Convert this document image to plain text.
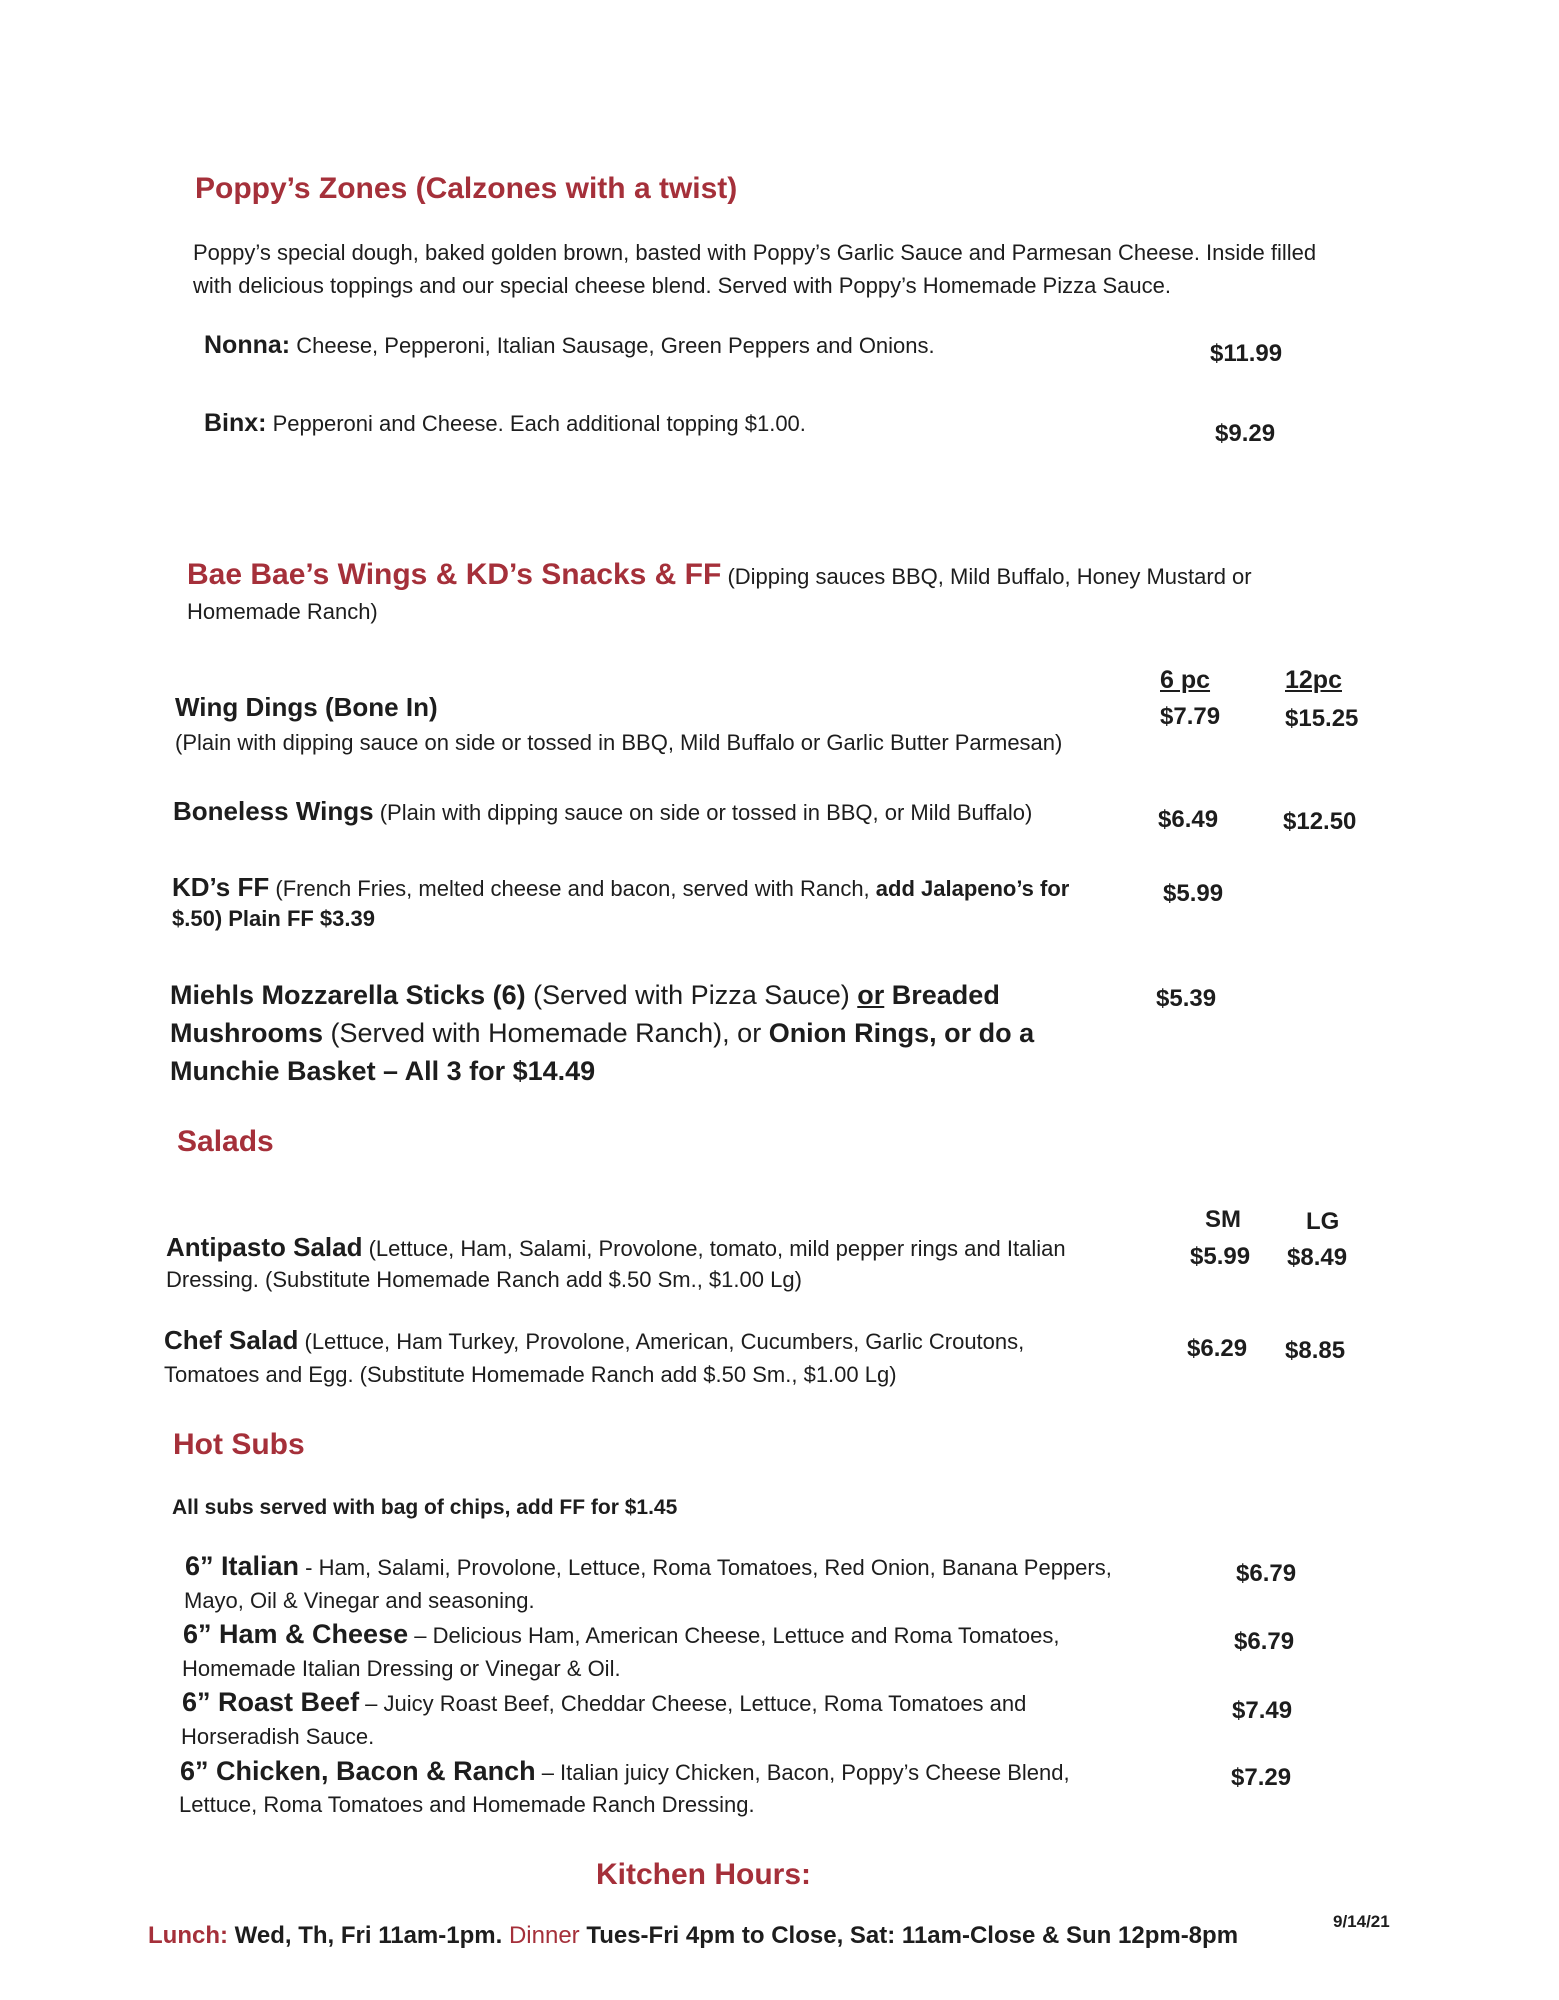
Poppy’s Zones (Calzones with a twist)
Poppy’s special dough, baked golden brown, basted with Poppy’s Garlic Sauce and Parmesan Cheese. Inside filled
with delicious toppings and our special cheese blend. Served with Poppy’s Homemade Pizza Sauce.
Nonna: Cheese, Pepperoni, Italian Sausage, Green Peppers and Onions.	$11.99
Binx: Pepperoni and Cheese. Each additional topping $1.00.	$9.29
Bae Bae’s Wings & KD’s Snacks & FF (Dipping sauces BBQ, Mild Buffalo, Honey Mustard or
Homemade Ranch)
6 pc	12pc
Wing Dings (Bone In)
(Plain with dipping sauce on side or tossed in BBQ, Mild Buffalo or Garlic Butter Parmesan)
$7.79	$15.25
Boneless Wings (Plain with dipping sauce on side or tossed in BBQ, or Mild Buffalo)	$6.49	$12.50
KD’s FF (French Fries, melted cheese and bacon, served with Ranch, add Jalapeno’s for
$.50) Plain FF $3.39
$5.99
Miehls Mozzarella Sticks (6) (Served with Pizza Sauce) or Breaded
Mushrooms (Served with Homemade Ranch), or Onion Rings, or do a
Munchie Basket – All 3 for $14.49
$5.39
Salads
SM	LG
Antipasto Salad (Lettuce, Ham, Salami, Provolone, tomato, mild pepper rings and Italian
Dressing. (Substitute Homemade Ranch add $.50 Sm., $1.00 Lg)
$5.99 $8.49
Chef Salad (Lettuce, Ham Turkey, Provolone, American, Cucumbers, Garlic Croutons,
Tomatoes and Egg. (Substitute Homemade Ranch add $.50 Sm., $1.00 Lg)
$6.29 $8.85
Hot Subs
All subs served with bag of chips, add FF for $1.45
6” Italian - Ham, Salami, Provolone, Lettuce, Roma Tomatoes, Red Onion, Banana Peppers,
Mayo, Oil & Vinegar and seasoning.
$6.79
6” Ham & Cheese – Delicious Ham, American Cheese, Lettuce and Roma Tomatoes,
Homemade Italian Dressing or Vinegar & Oil.
$6.79
6” Roast Beef – Juicy Roast Beef, Cheddar Cheese, Lettuce, Roma Tomatoes and
Horseradish Sauce.
$7.49
6” Chicken, Bacon & Ranch – Italian juicy Chicken, Bacon, Poppy’s Cheese Blend,
Lettuce, Roma Tomatoes and Homemade Ranch Dressing.
$7.29
Kitchen Hours:
Lunch: Wed, Th, Fri 11am-1pm. Dinner Tues-Fri 4pm to Close, Sat: 11am-Close & Sun 12pm-8pm
9/14/21
